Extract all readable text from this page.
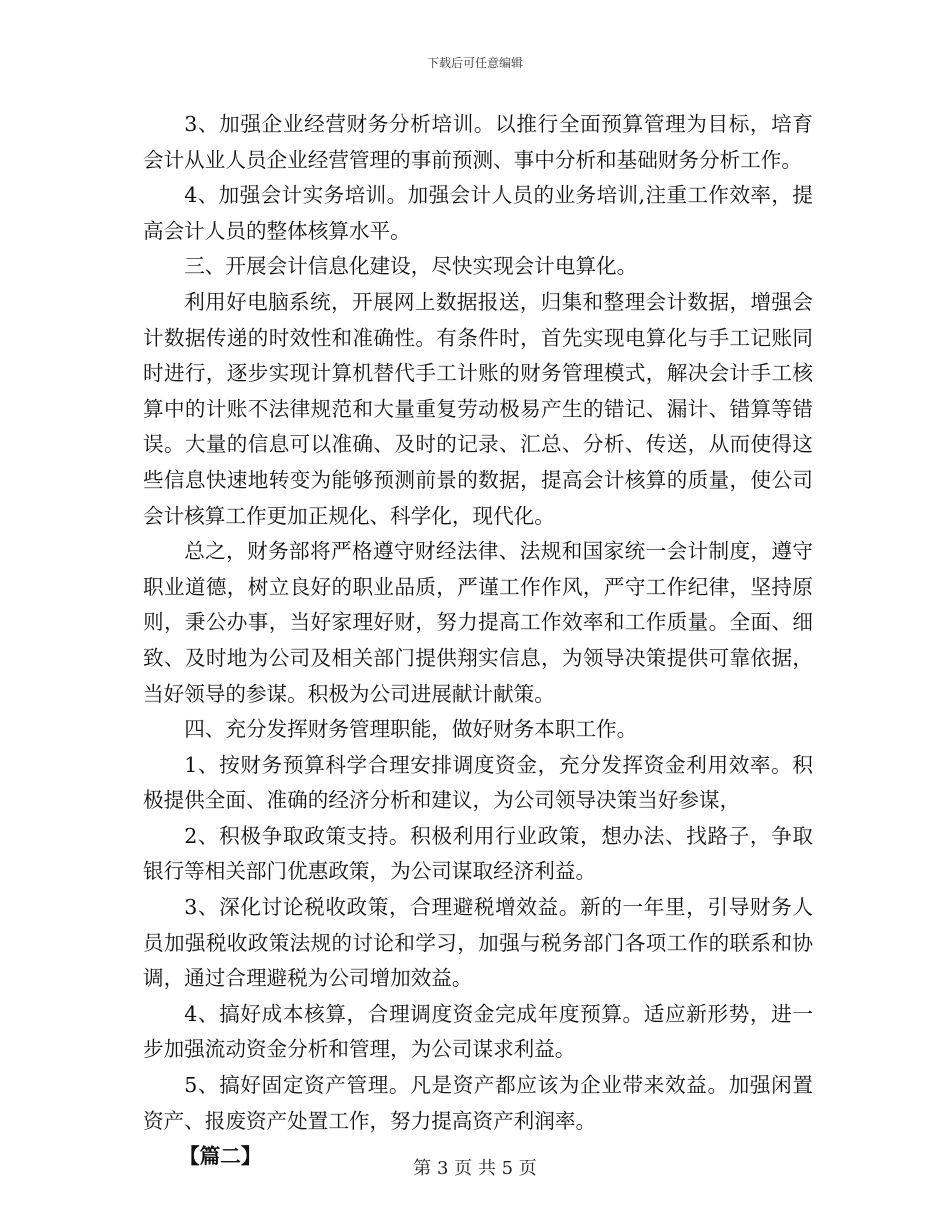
下载后可任意编辑

3、加强企业经营财务分析培训。以推行全面预算管理为目标，培育会计从业人员企业经营管理的事前预测、事中分析和基础财务分析工作。

4、加强会计实务培训。加强会计人员的业务培训,注重工作效率，提高会计人员的整体核算水平。

三、开展会计信息化建设，尽快实现会计电算化。

利用好电脑系统，开展网上数据报送，归集和整理会计数据，增强会计数据传递的时效性和准确性。有条件时，首先实现电算化与手工记账同时进行，逐步实现计算机替代手工计账的财务管理模式，解决会计手工核算中的计账不法律规范和大量重复劳动极易产生的错记、漏计、错算等错误。大量的信息可以准确、及时的记录、汇总、分析、传送，从而使得这些信息快速地转变为能够预测前景的数据，提高会计核算的质量，使公司会计核算工作更加正规化、科学化，现代化。

总之，财务部将严格遵守财经法律、法规和国家统一会计制度，遵守职业道德，树立良好的职业品质，严谨工作作风，严守工作纪律，坚持原则，秉公办事，当好家理好财，努力提高工作效率和工作质量。全面、细致、及时地为公司及相关部门提供翔实信息，为领导决策提供可靠依据，当好领导的参谋。积极为公司进展献计献策。

四、充分发挥财务管理职能，做好财务本职工作。

1、按财务预算科学合理安排调度资金，充分发挥资金利用效率。积极提供全面、准确的经济分析和建议，为公司领导决策当好参谋，

2、积极争取政策支持。积极利用行业政策，想办法、找路子，争取银行等相关部门优惠政策，为公司谋取经济利益。

3、深化讨论税收政策，合理避税增效益。新的一年里，引导财务人员加强税收政策法规的讨论和学习，加强与税务部门各项工作的联系和协调，通过合理避税为公司增加效益。

4、搞好成本核算，合理调度资金完成年度预算。适应新形势，进一步加强流动资金分析和管理，为公司谋求利益。

5、搞好固定资产管理。凡是资产都应该为企业带来效益。加强闲置资产、报废资产处置工作，努力提高资产利润率。

【篇二】

第 3 页 共 5 页
